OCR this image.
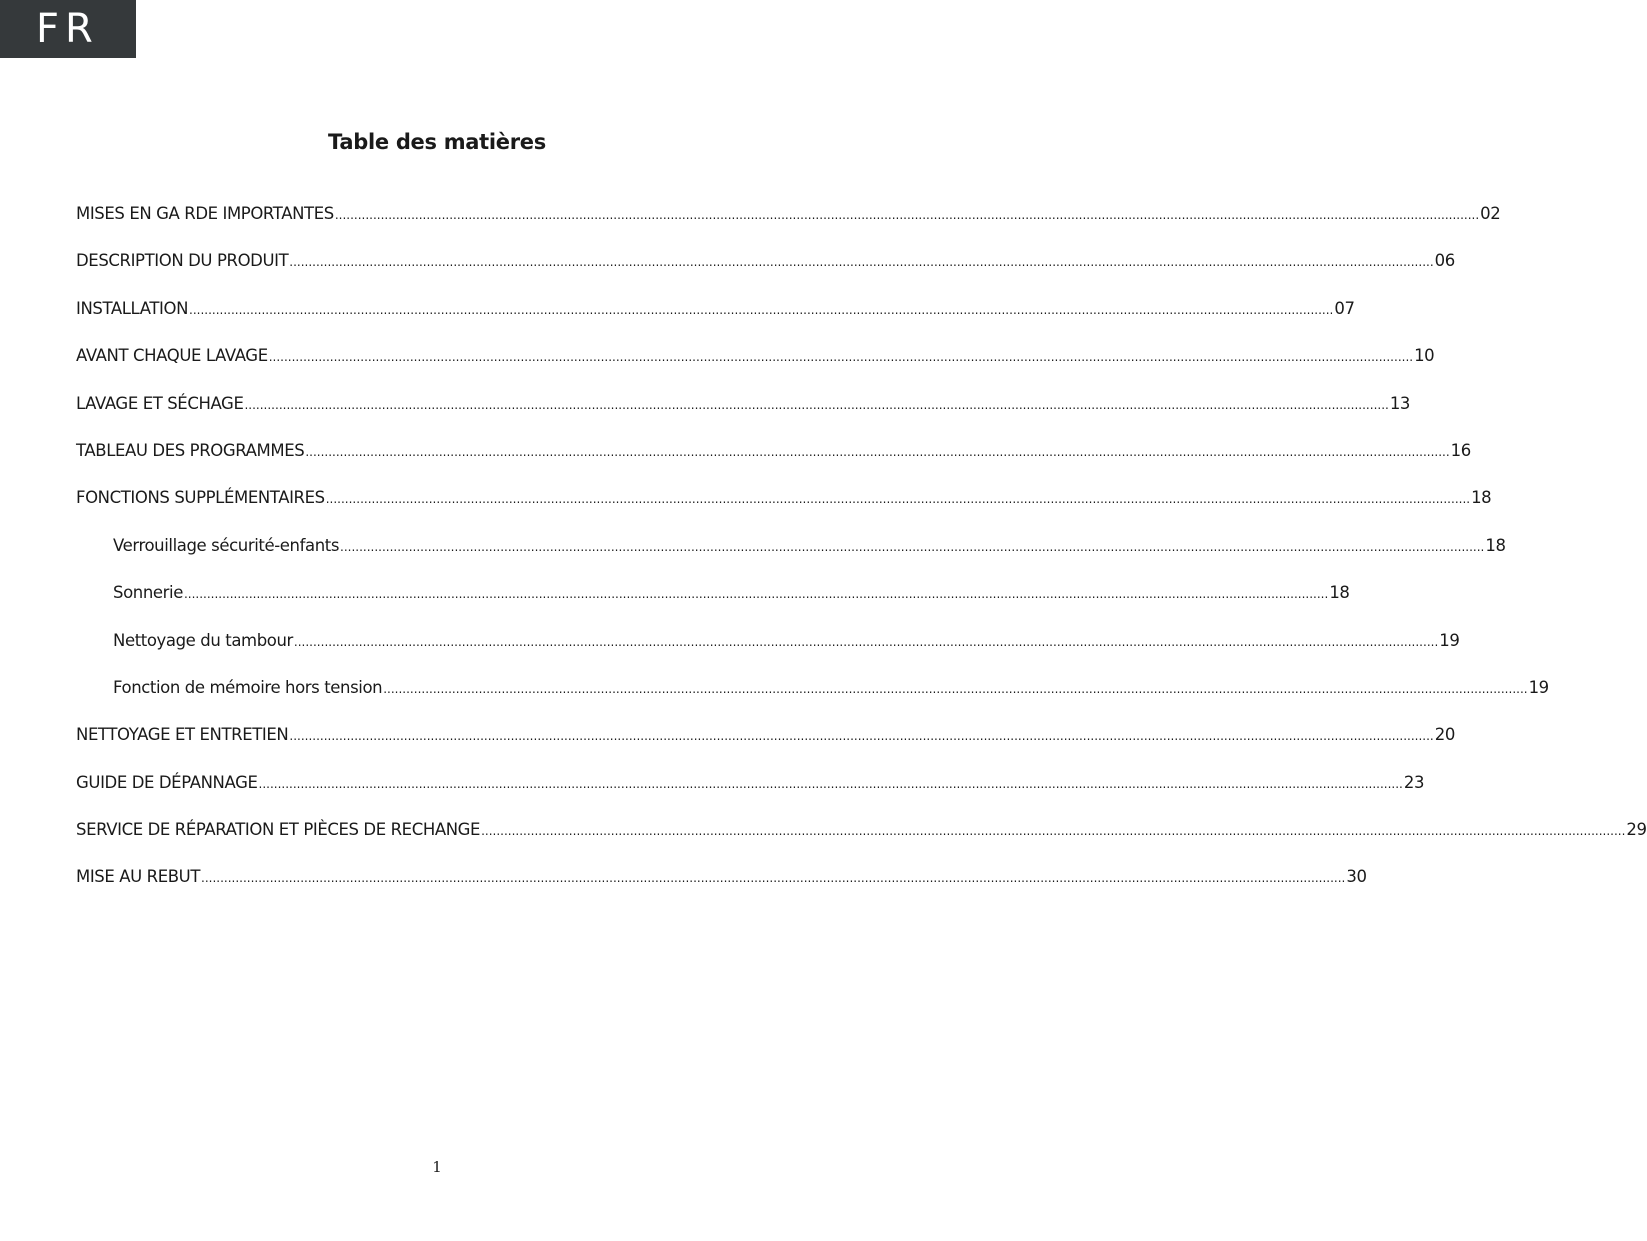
FR
Table des matières
MISES EN GA RDE IMPORTANTES ............................................................................................................................................................................................................................................................................................................ 02
DESCRIPTION DU PRODUIT ............................................................................................................................................................................................................................................................................................................ 06
INSTALLATION ............................................................................................................................................................................................................................................................................................................ 07
AVANT CHAQUE LAVAGE ............................................................................................................................................................................................................................................................................................................ 10
LAVAGE ET SÉCHAGE ............................................................................................................................................................................................................................................................................................................ 13
TABLEAU DES PROGRAMMES ............................................................................................................................................................................................................................................................................................................ 16
FONCTIONS SUPPLÉMENTAIRES ............................................................................................................................................................................................................................................................................................................ 18
Verrouillage sécurité-enfants ............................................................................................................................................................................................................................................................................................................ 18
Sonnerie ............................................................................................................................................................................................................................................................................................................ 18
Nettoyage du tambour ............................................................................................................................................................................................................................................................................................................ 19
Fonction de mémoire hors tension ............................................................................................................................................................................................................................................................................................................ 19
NETTOYAGE ET ENTRETIEN ............................................................................................................................................................................................................................................................................................................ 20
GUIDE DE DÉPANNAGE ............................................................................................................................................................................................................................................................................................................ 23
SERVICE DE RÉPARATION ET PIÈCES DE RECHANGE ............................................................................................................................................................................................................................................................................................................ 29
MISE AU REBUT ............................................................................................................................................................................................................................................................................................................ 30
1
